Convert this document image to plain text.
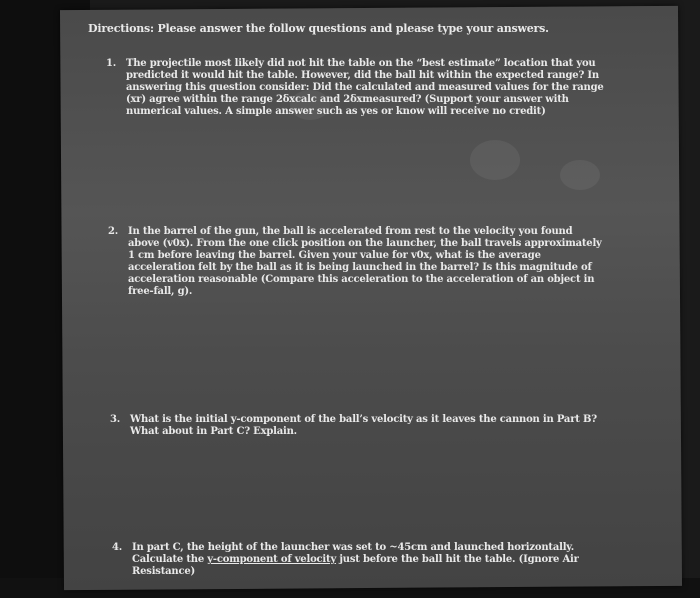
Directions: Please answer the follow questions and please type your answers.
1. The projectile most likely did not hit the table on the “best estimate” location that you predicted it would hit the table. However, did the ball hit within the expected range? In answering this question consider: Did the calculated and measured values for the range (xr) agree within the range 2δxcalc and 2δxmeasured? (Support your answer with numerical values. A simple answer such as yes or know will receive no credit)
2. In the barrel of the gun, the ball is accelerated from rest to the velocity you found above (v0x). From the one click position on the launcher, the ball travels approximately 1 cm before leaving the barrel. Given your value for v0x, what is the average acceleration felt by the ball as it is being launched in the barrel? Is this magnitude of acceleration reasonable (Compare this acceleration to the acceleration of an object in free-fall, g).
3. What is the initial y-component of the ball’s velocity as it leaves the cannon in Part B? What about in Part C? Explain.
4. In part C, the height of the launcher was set to ~45cm and launched horizontally. Calculate the y-component of velocity just before the ball hit the table. (Ignore Air Resistance)
